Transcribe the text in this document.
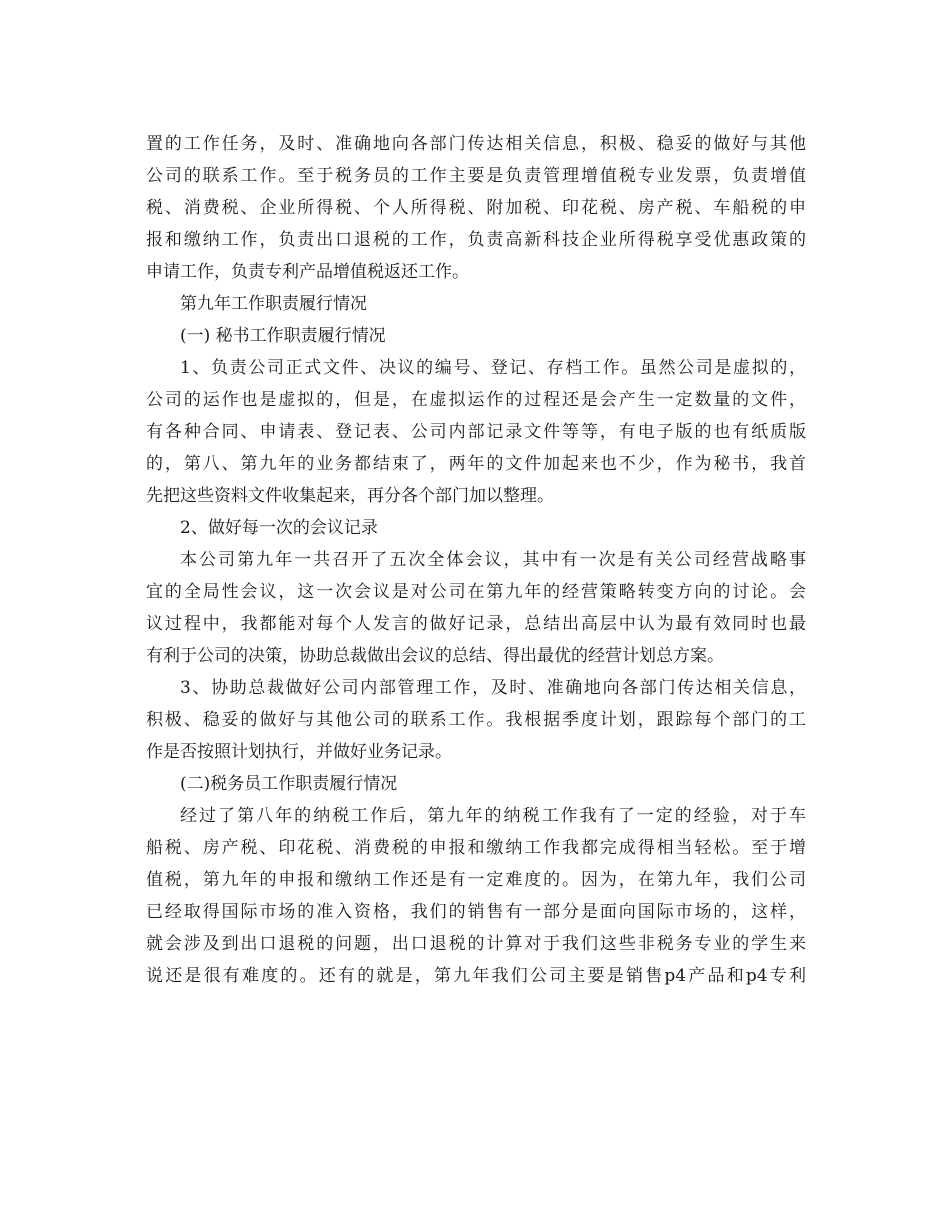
置的工作任务，及时、准确地向各部门传达相关信息，积极、稳妥的做好与其他
公司的联系工作。至于税务员的工作主要是负责管理增值税专业发票，负责增值
税、消费税、企业所得税、个人所得税、附加税、印花税、房产税、车船税的申
报和缴纳工作，负责出口退税的工作，负责高新科技企业所得税享受优惠政策的
申请工作，负责专利产品增值税返还工作。
第九年工作职责履行情况
(一) 秘书工作职责履行情况
1、负责公司正式文件、决议的编号、登记、存档工作。虽然公司是虚拟的，
公司的运作也是虚拟的，但是，在虚拟运作的过程还是会产生一定数量的文件，
有各种合同、申请表、登记表、公司内部记录文件等等，有电子版的也有纸质版
的，第八、第九年的业务都结束了，两年的文件加起来也不少，作为秘书，我首
先把这些资料文件收集起来，再分各个部门加以整理。
2、做好每一次的会议记录
本公司第九年一共召开了五次全体会议，其中有一次是有关公司经营战略事
宜的全局性会议，这一次会议是对公司在第九年的经营策略转变方向的讨论。会
议过程中，我都能对每个人发言的做好记录，总结出高层中认为最有效同时也最
有利于公司的决策，协助总裁做出会议的总结、得出最优的经营计划总方案。
3、协助总裁做好公司内部管理工作，及时、准确地向各部门传达相关信息，
积极、稳妥的做好与其他公司的联系工作。我根据季度计划，跟踪每个部门的工
作是否按照计划执行，并做好业务记录。
(二)税务员工作职责履行情况
经过了第八年的纳税工作后，第九年的纳税工作我有了一定的经验，对于车
船税、房产税、印花税、消费税的申报和缴纳工作我都完成得相当轻松。至于增
值税，第九年的申报和缴纳工作还是有一定难度的。因为，在第九年，我们公司
已经取得国际市场的准入资格，我们的销售有一部分是面向国际市场的，这样，
就会涉及到出口退税的问题，出口退税的计算对于我们这些非税务专业的学生来
说还是很有难度的。还有的就是，第九年我们公司主要是销售p4产品和p4专利
